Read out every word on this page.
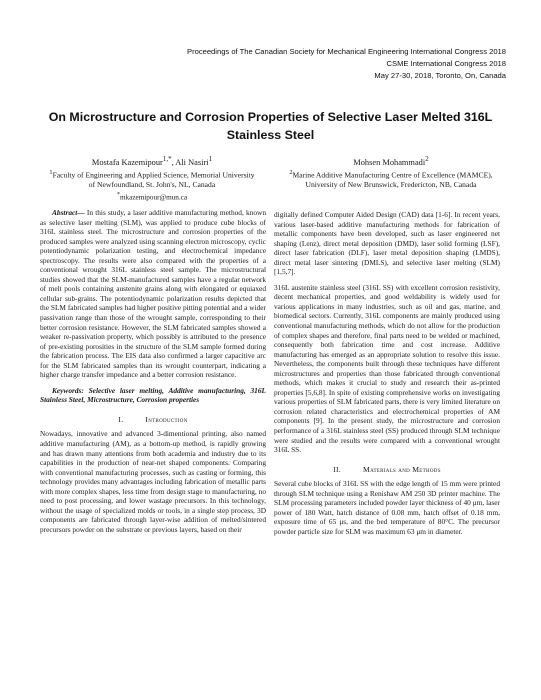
Proceedings of The Canadian Society for Mechanical Engineering International Congress 2018
CSME International Congress 2018
May 27-30, 2018, Toronto, On, Canada
On Microstructure and Corrosion Properties of Selective Laser Melted 316L
Stainless Steel
Mostafa Kazemipour$^{1,*}$, Ali Nasiri$^1$
$^1$Faculty of Engineering and Applied Science, Memorial University of Newfoundland, St. John's, NL, Canada
*mkazemipour@mun.ca
Mohsen Mohammadi$^2$
$^2$Marine Additive Manufacturing Centre of Excellence (MAMCE), University of New Brunswick, Fredericton, NB, Canada

Abstract— In this study, a laser additive manufacturing method, known as selective laser melting (SLM), was applied to produce cube blocks of 316L stainless steel. The microstructure and corrosion properties of the produced samples were analyzed using scanning electron microscopy, cyclic potentiodynamic polarization testing, and electrochemical impedance spectroscopy. The results were also compared with the properties of a conventional wrought 316L stainless steel sample. The microstructural studies showed that the SLM-manufactured samples have a regular network of melt pools containing austenite grains along with elongated or equiaxed cellular sub-grains. The potentiodynamic polarization results depicted that the SLM fabricated samples had higher positive pitting potential and a wider passivation range than those of the wrought sample, corresponding to their better corrosion resistance. However, the SLM fabricated samples showed a weaker re-passivation property, which possibly is attributed to the presence of pre-existing porosities in the structure of the SLM sample formed during the fabrication process. The EIS data also confirmed a larger capacitive arc for the SLM fabricated samples than its wrought counterpart, indicating a higher charge transfer impedance and a better corrosion resistance.

Keywords: Selective laser melting, Additive manufacturing, 316L Stainless Steel, Microstructure, Corrosion properties

I.	Introduction

Nowadays, innovative and advanced 3-dimentional printing, also named additive manufacturing (AM), as a bottom-up method, is rapidly growing and has drawn many attentions from both academia and industry due to its capabilities in the production of near-net shaped components. Comparing with conventional manufacturing processes, such as casting or forming, this technology provides many advantages including fabrication of metallic parts with more complex shapes, less time from design stage to manufacturing, no need to post processing, and lower wastage precursors. In this technology, without the usage of specialized molds or tools, in a single step process, 3D components are fabricated through layer-wise addition of melted/sintered precursors powder on the substrate or previous layers, based on their

digitally defined Computer Aided Design (CAD) data [1-6]. In recent years, various laser-based additive manufacturing methods for fabrication of metallic components have been developed, such as laser engineered net shaping (Lenz), direct metal deposition (DMD), laser solid forming (LSF), direct laser fabrication (DLF), laser metal deposition shaping (LMDS), direct metal laser sintering (DMLS), and selective laser melting (SLM) [1,5,7].

316L austenite stainless steel (316L SS) with excellent corrosion resistivity, decent mechanical properties, and good weldability is widely used for various applications in many industries, such as oil and gas, marine, and biomedical sectors. Currently, 316L components are mainly produced using conventional manufacturing methods, which do not allow for the production of complex shapes and therefore, final parts need to be welded or machined, consequently both fabrication time and cost increase. Additive manufacturing has emerged as an appropriate solution to resolve this issue. Nevertheless, the components built through these techniques have different microstructures and properties than those fabricated through conventional methods, which makes it crucial to study and research their as-printed properties [5,6,8]. In spite of existing comprehensive works on investigating various properties of SLM fabricated parts, there is very limited literature on corrosion related characteristics and electrochemical properties of AM components [9]. In the present study, the microstructure and corrosion performance of a 316L stainless steel (SS) produced through SLM technique were studied and the results were compared with a conventional wrought 316L SS.

II.	Materials and Methods

Several cube blocks of 316L SS with the edge length of 15 mm were printed through SLM technique using a Renishaw AM 250 3D printer machine. The SLM processing parameters included powder layer thickness of 40 μm, laser power of 180 Watt, hatch distance of 0.08 mm, hatch offset of 0.18 mm, exposure time of 65 μs, and the bed temperature of 80°C. The precursor powder particle size for SLM was maximum 63 μm in diameter.
